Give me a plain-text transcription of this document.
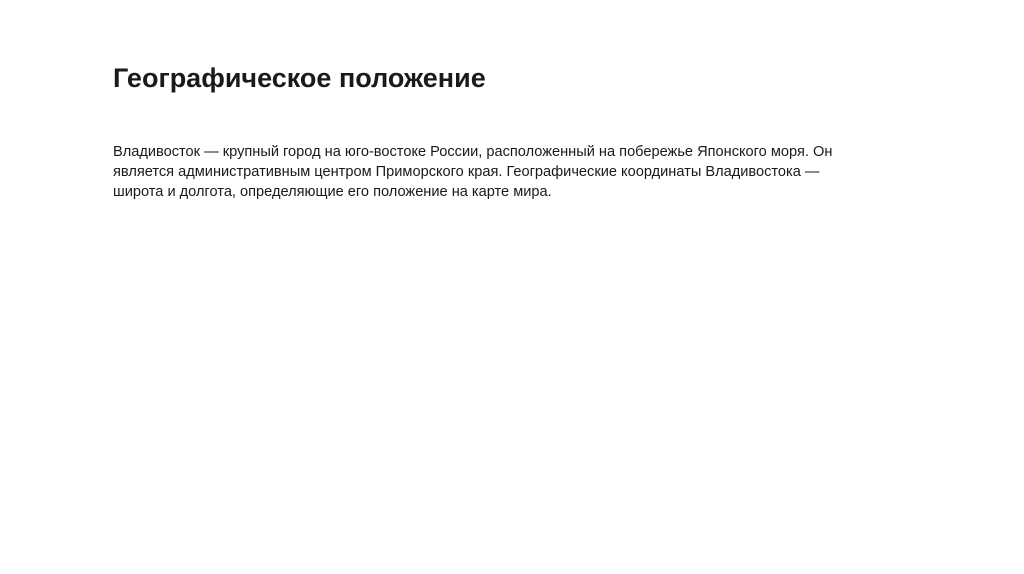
Географическое положение

Владивосток — крупный город на юго-востоке России, расположенный на побережье Японского моря. Он
является административным центром Приморского края. Географические координаты Владивостока —
широта и долгота, определяющие его положение на карте мира.
